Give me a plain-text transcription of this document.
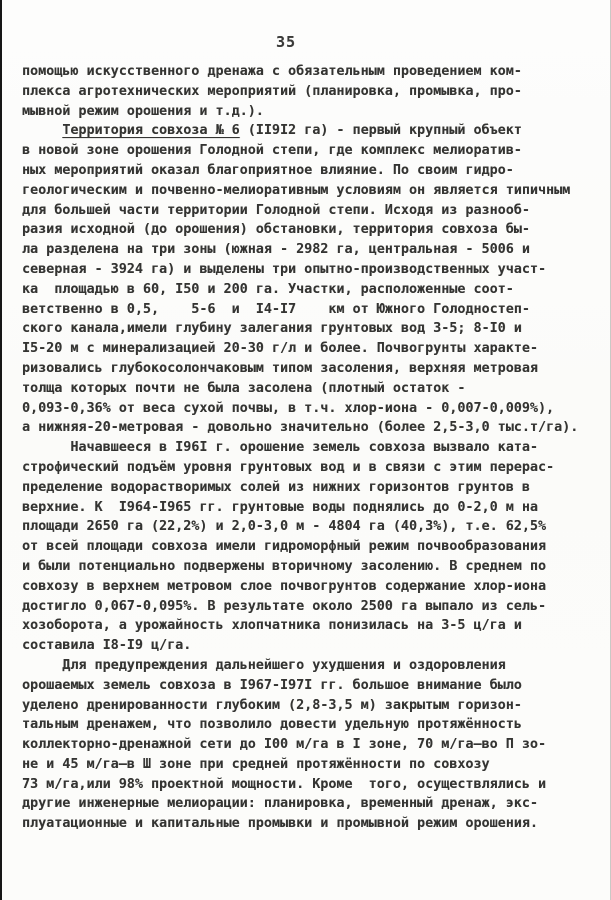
35
помощью искусственного дренажа с обязательным проведением ком-
плекса агротехнических мероприятий (планировка, промывка, про-
мывной режим орошения и т.д.).
Территория совхоза № 6 (II9I2 га) - первый крупный объект
в новой зоне орошения Голодной степи, где комплекс мелиоратив-
ных мероприятий оказал благоприятное влияние. По своим гидро-
геологическим и почвенно-мелиоративным условиям он является типичным
для большей части территории Голодной степи. Исходя из разнооб-
разия исходной (до орошения) обстановки, территория совхоза бы-
ла разделена на три зоны (южная - 2982 га, центральная - 5006 и
северная - 3924 га) и выделены три опытно-производственных участ-
ка  площадью в 60, I50 и 200 га. Участки, расположенные соот-
ветственно в 0,5,    5-6  и  I4-I7    км от Южного Голодностеп-
ского канала,имели глубину залегания грунтовых вод 3-5; 8-I0 и
I5-20 м с минерализацией 20-30 г/л и более. Почвогрунты характе-
ризовались глубокосолончаковым типом засоления, верхняя метровая
толща которых почти не была засолена (плотный остаток -
0,093-0,36% от веса сухой почвы, в т.ч. хлор-иона - 0,007-0,009%),
а нижняя-20-метровая - довольно значительно (более 2,5-3,0 тыс.т/га).
Начавшееся в I96I г. орошение земель совхоза вызвало ката-
строфический подъём уровня грунтовых вод и в связи с этим перерас-
пределение водорастворимых солей из нижних горизонтов грунтов в
верхние. К  I964-I965 гг. грунтовые воды поднялись до 0-2,0 м на
площади 2650 га (22,2%) и 2,0-3,0 м - 4804 га (40,3%), т.е. 62,5%
от всей площади совхоза имели гидроморфный режим почвообразования
и были потенциально подвержены вторичному засолению. В среднем по
совхозу в верхнем метровом слое почвогрунтов содержание хлор-иона
достигло 0,067-0,095%. В результате около 2500 га выпало из сель-
хозоборота, а урожайность хлопчатника понизилась на 3-5 ц/га и
составила I8-I9 ц/га.
Для предупреждения дальнейшего ухудшения и оздоровления
орошаемых земель совхоза в I967-I97I гг. большое внимание было
уделено дренированности глубоким (2,8-3,5 м) закрытым горизон-
тальным дренажем, что позволило довести удельную протяжённость
коллекторно-дренажной сети до I00 м/га в I зоне, 70 м/га—во П зо-
не и 45 м/га—в Ш зоне при средней протяжённости по совхозу
73 м/га,или 98% проектной мощности. Кроме  того, осуществлялись и
другие инженерные мелиорации: планировка, временный дренаж, экс-
плуатационные и капитальные промывки и промывной режим орошения.
